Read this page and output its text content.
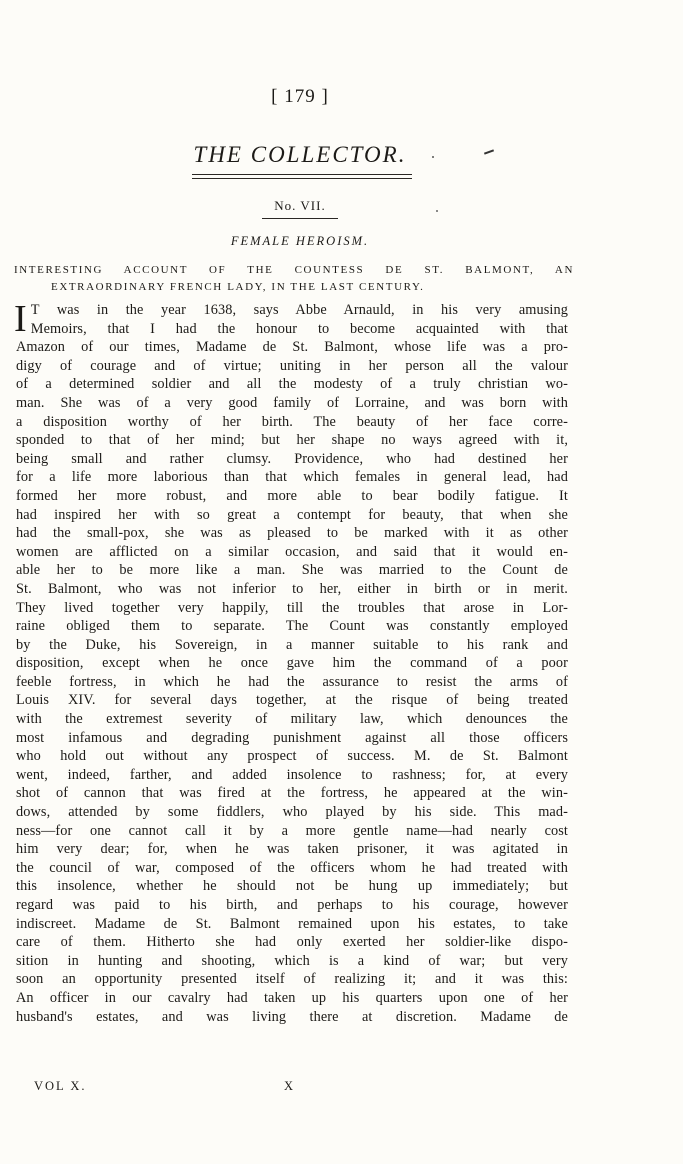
[ 179 ]
THE COLLECTOR.
No. VII.
FEMALE HEROISM.
INTERESTING ACCOUNT OF THE COUNTESS DE ST. BALMONT, AN
EXTRAORDINARY FRENCH LADY, IN THE LAST CENTURY.
I T was in the year 1638, says Abbe Arnauld, in his very amusing
Memoirs, that I had the honour to become acquainted with that
Amazon of our times, Madame de St. Balmont, whose life was a pro-
digy of courage and of virtue; uniting in her person all the valour
of a determined soldier and all the modesty of a truly christian wo-
man. She was of a very good family of Lorraine, and was born with
a disposition worthy of her birth. The beauty of her face corre-
sponded to that of her mind; but her shape no ways agreed with it,
being small and rather clumsy. Providence, who had destined her
for a life more laborious than that which females in general lead, had
formed her more robust, and more able to bear bodily fatigue. It
had inspired her with so great a contempt for beauty, that when she
had the small-pox, she was as pleased to be marked with it as other
women are afflicted on a similar occasion, and said that it would en-
able her to be more like a man. She was married to the Count de
St. Balmont, who was not inferior to her, either in birth or in merit.
They lived together very happily, till the troubles that arose in Lor-
raine obliged them to separate. The Count was constantly employed
by the Duke, his Sovereign, in a manner suitable to his rank and
disposition, except when he once gave him the command of a poor
feeble fortress, in which he had the assurance to resist the arms of
Louis XIV. for several days together, at the risque of being treated
with the extremest severity of military law, which denounces the
most infamous and degrading punishment against all those officers
who hold out without any prospect of success. M. de St. Balmont
went, indeed, farther, and added insolence to rashness; for, at every
shot of cannon that was fired at the fortress, he appeared at the win-
dows, attended by some fiddlers, who played by his side. This mad-
ness—for one cannot call it by a more gentle name—had nearly cost
him very dear; for, when he was taken prisoner, it was agitated in
the council of war, composed of the officers whom he had treated with
this insolence, whether he should not be hung up immediately; but
regard was paid to his birth, and perhaps to his courage, however
indiscreet. Madame de St. Balmont remained upon his estates, to take
care of them. Hitherto she had only exerted her soldier-like dispo-
sition in hunting and shooting, which is a kind of war; but very
soon an opportunity presented itself of realizing it; and it was this:
An officer in our cavalry had taken up his quarters upon one of her
husband's estates, and was living there at discretion. Madame de
VOL X.	X
